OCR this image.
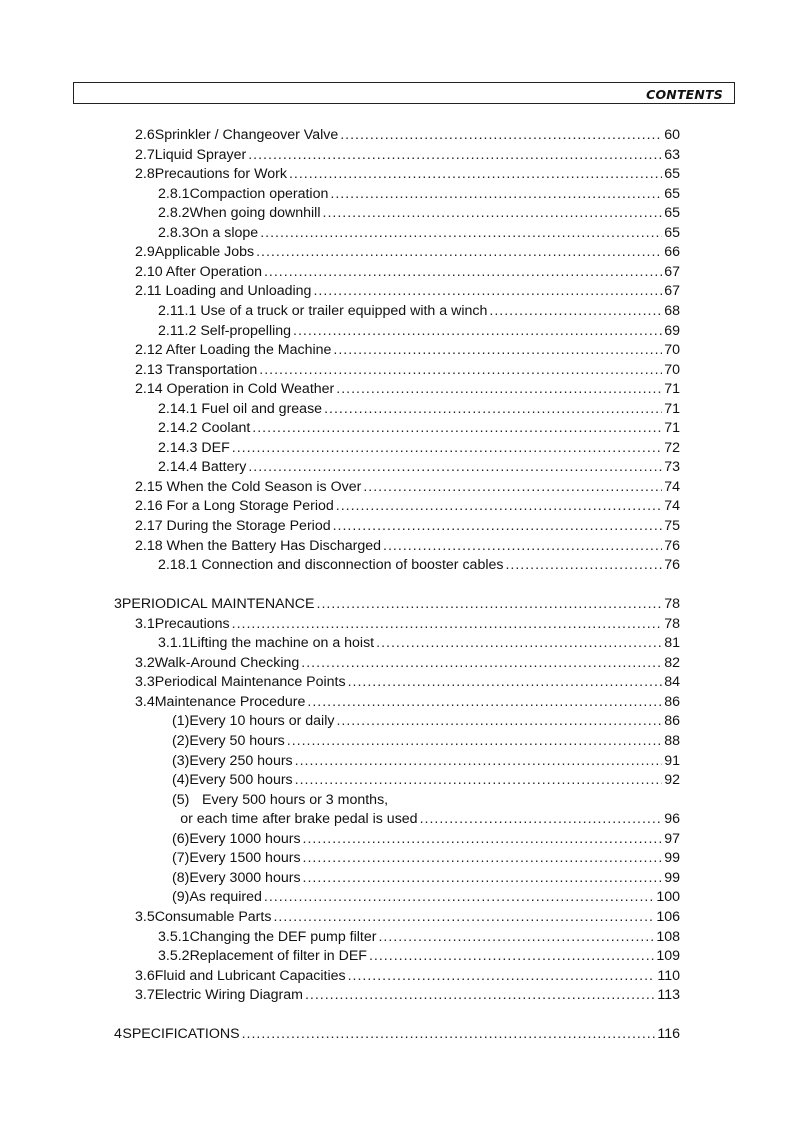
CONTENTS
2.6 Sprinkler / Changeover Valve .....	60
2.7 Liquid Sprayer .....	63
2.8 Precautions for Work .....	65
2.8.1 Compaction operation .....	65
2.8.2 When going downhill .....	65
2.8.3 On a slope .....	65
2.9 Applicable Jobs .....	66
2.10 After Operation .....	67
2.11 Loading and Unloading .....	67
2.11.1 Use of a truck or trailer equipped with a winch .....	68
2.11.2 Self-propelling .....	69
2.12 After Loading the Machine .....	70
2.13 Transportation .....	70
2.14 Operation in Cold Weather .....	71
2.14.1 Fuel oil and grease .....	71
2.14.2 Coolant .....	71
2.14.3 DEF .....	72
2.14.4 Battery .....	73
2.15 When the Cold Season is Over .....	74
2.16 For a Long Storage Period .....	74
2.17 During the Storage Period .....	75
2.18 When the Battery Has Discharged .....	76
2.18.1 Connection and disconnection of booster cables .....	76
3 PERIODICAL MAINTENANCE .....	78
3.1 Precautions .....	78
3.1.1 Lifting the machine on a hoist .....	81
3.2 Walk-Around Checking .....	82
3.3 Periodical Maintenance Points .....	84
3.4 Maintenance Procedure .....	86
(1) Every 10 hours or daily .....	86
(2) Every 50 hours .....	88
(3) Every 250 hours .....	91
(4) Every 500 hours .....	92
(5) Every 500 hours or 3 months,
or each time after brake pedal is used .....	96
(6) Every 1000 hours .....	97
(7) Every 1500 hours .....	99
(8) Every 3000 hours .....	99
(9) As required .....	100
3.5 Consumable Parts .....	106
3.5.1 Changing the DEF pump filter .....	108
3.5.2 Replacement of filter in DEF .....	109
3.6 Fluid and Lubricant Capacities .....	110
3.7 Electric Wiring Diagram .....	113
4 SPECIFICATIONS .....	116
